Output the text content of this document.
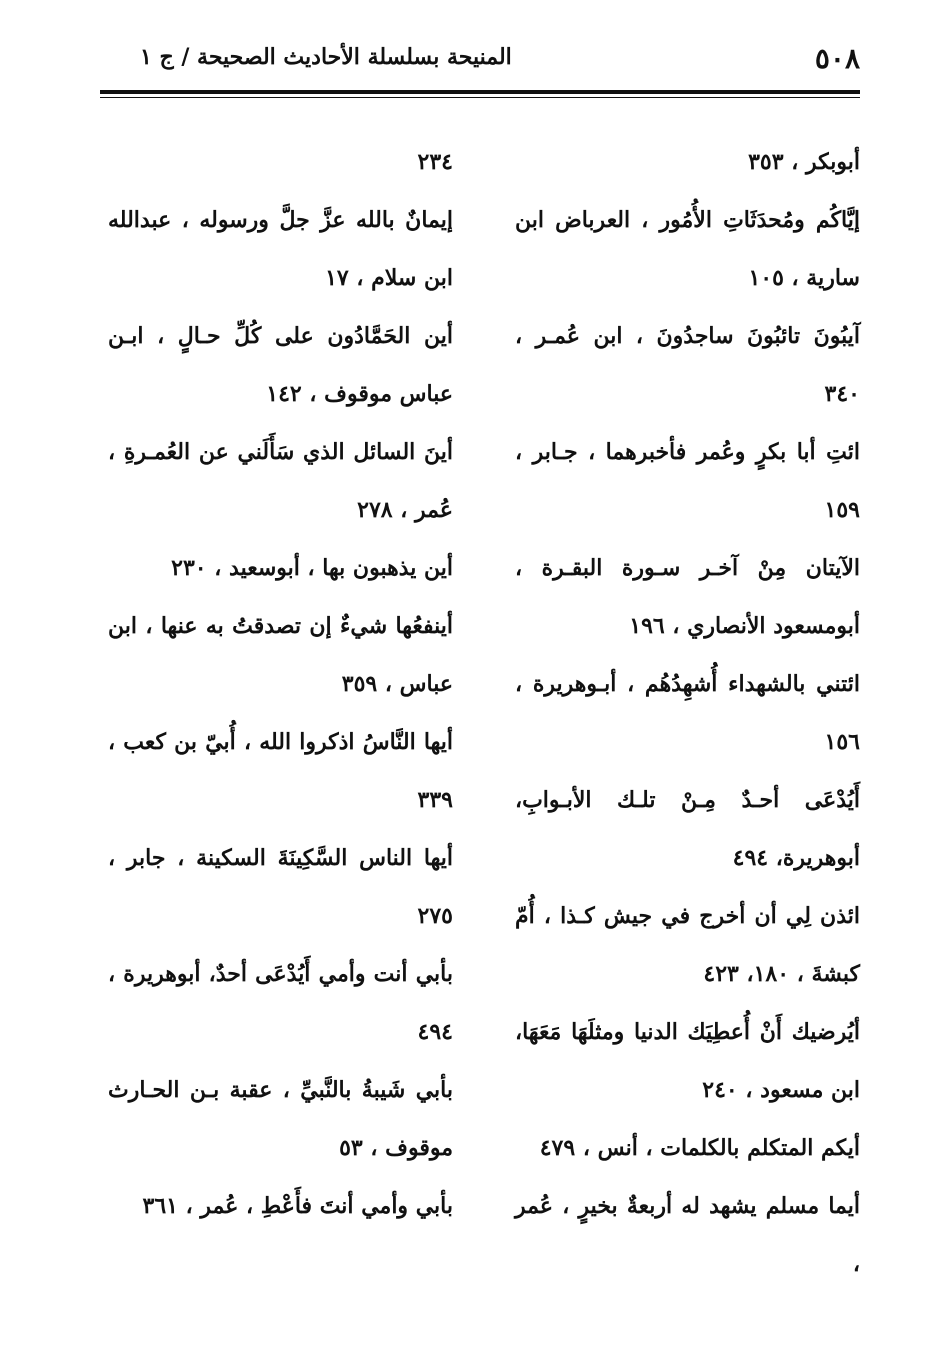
٥٠٨
المنيحة بسلسلة الأحاديث الصحيحة / ج ١
أبوبكر ، ٣٥٣
إيَّاكُم ومُحدَثَاتِ الأُمُور ، العرباض ابن سارية ، ١٠٥
آيبُونَ تائبُونَ ساجدُونَ ، ابن عُمـر ، ٣٤٠
ائتِ أبا بكرٍ وعُمر فأخبرهما ، جـابر ، ١٥٩
الآيتان مِنْ آخـر سـورة البقـرة ، أبومسعود الأنصاري ، ١٩٦
ائتني بالشهداء أُشهِدُهُم ، أبـوهريرة ، ١٥٦
أَيُدْعَى أحـدٌ مِـنْ تلـك الأبـوابِ، أبوهريرة، ٤٩٤
ائذن لِي أن أخرج في جيش كـذا ، أُمّ كبشةَ ، ١٨٠، ٤٢٣
أيُرضيك أَنْ أُعطِيَك الدنيا ومثلَهَا مَعَهَا، ابن مسعود ، ٢٤٠
أيكم المتكلم بالكلمات ، أنس ، ٤٧٩
أيما مسلم يشهد له أربعةٌ بخيرٍ ، عُمر ،
٢٣٤
إيمانٌ بالله عزَّ جلَّ ورسوله ، عبدالله ابن سلام ، ١٧
أين الحَمَّادُون على كُلِّ حـالٍ ، ابـن عباس موقوف ، ١٤٢
أينَ السائل الذي سَأَلَني عن العُمـرةِ ، عُمر ، ٢٧٨
أين يذهبون بها ، أبوسعيد ، ٢٣٠
أينفعُها شيءٌ إن تصدقتُ به عنها ، ابن عباس ، ٣٥٩
أيها النَّاسُ اذكروا الله ، أُبيّ بن كعب ، ٣٣٩
أيها الناس السَّكِينَةَ السكينة ، جابر ، ٢٧٥
بأبي أنت وأمي أَيُدْعَى أحدٌ، أبوهريرة ، ٤٩٤
بأبي شَيبةُ بالنَّبيِّ ، عقبة بـن الحـارث موقوف ، ٥٣
بأبي وأمي أنتَ فأَعْطِ ، عُمر ، ٣٦١
